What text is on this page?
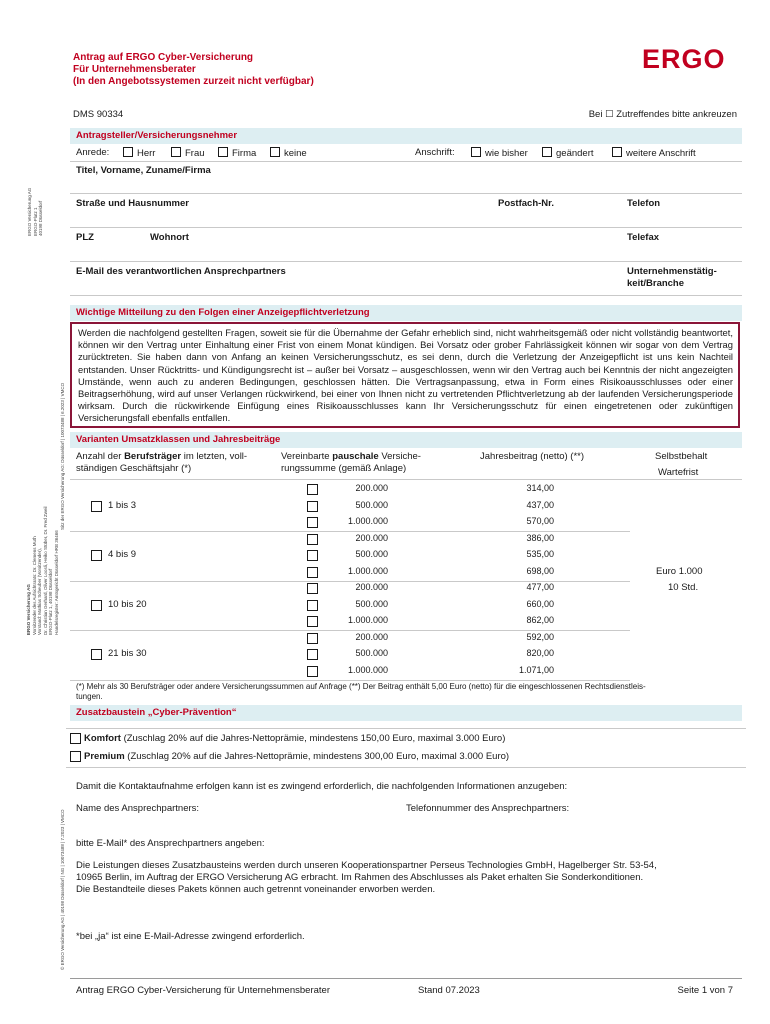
Antrag auf ERGO Cyber-Versicherung
Für Unternehmensberater
(In den Angebotssystemen zurzeit nicht verfügbar)
ERGO
DMS 90334	Bei ☐ Zutreffendes bitte ankreuzen
ERGO Versicherung AG ERGO-Platz 1 40198 Düsseldorf
ERGO Versicherung AG Vorsitzender des Aufsichtsrats: Dr. Clemens Muth Vorstand: Mathias Scheuber (Vorsitzender), Dr. Christian Gerhard, Oliver Loosli, Heiko Stüber, Dr. Fred Zweil ERGO-Platz 1, 40198 Düsseldorf Handelsregister: Amtsgericht Düsseldorf HRB 36466
Sitz der ERGO Versicherung AG: Düsseldorf | 10073488 | 6.2023 | VMCO
© ERGO Versicherung AG | 40198 Düsseldorf | NG | 10073488 | 7.2023 | VMCO
Antragsteller/Versicherungsnehmer
Anrede:	Herr	Frau	Firma	keine	Anschrift:	wie bisher	geändert	weitere Anschrift
Titel, Vorname, Zuname/Firma
Straße und Hausnummer	Postfach-Nr.	Telefon
PLZ	Wohnort	Telefax
E-Mail des verantwortlichen Ansprechpartners	Unternehmenstätig-
keit/Branche
Wichtige Mitteilung zu den Folgen einer Anzeigepflichtverletzung

Werden die nachfolgend gestellten Fragen, soweit sie für die Übernahme der Gefahr erheblich sind, nicht wahrheitsgemäß oder nicht vollständig beantwortet, können wir den Vertrag unter Einhaltung einer Frist von einem Monat kündigen. Bei Vorsatz oder grober Fahrlässigkeit können wir sogar von dem Vertrag zurücktreten. Sie haben dann von Anfang an keinen Versicherungsschutz, es sei denn, durch die Verletzung der Anzeigepflicht ist uns kein Nachteil entstanden. Unser Rücktritts- und Kündigungsrecht ist – außer bei Vorsatz – ausgeschlossen, wenn wir den Vertrag auch bei Kenntnis der nicht angezeigten Umstände, wenn auch zu anderen Bedingungen, geschlossen hätten. Die Vertragsanpassung, etwa in Form eines Risikoausschlusses oder einer Beitragserhöhung, wird auf unser Verlangen rückwirkend, bei einer von Ihnen nicht zu vertretenden Pflichtverletzung ab der laufenden Versicherungsperiode wirksam. Durch die rückwirkende Einfügung eines Risikoausschlusses kann Ihr Versicherungsschutz für einen eingetretenen oder zukünftigen Versicherungsfall ebenfalls entfallen.

Varianten Umsatzklassen und Jahresbeiträge
Anzahl der Berufsträger im letzten, voll-
ständigen Geschäftsjahr (*)
Vereinbarte pauschale Versiche-
rungssumme (gemäß Anlage)
Jahresbeitrag (netto) (**)	Selbstbehalt
Wartefrist
1 bis 3
200.000	314,00
500.000	437,00
1.000.000	570,00
4 bis 9
200.000	386,00
500.000	535,00
1.000.000	698,00
10 bis 20
200.000	477,00
500.000	660,00
1.000.000	862,00
21 bis 30
200.000	592,00
500.000	820,00
1.000.000	1.071,00
Euro 1.000
10 Std.
(*) Mehr als 30 Berufsträger oder andere Versicherungssummen auf Anfrage (**) Der Beitrag enthält 5,00 Euro (netto) für die eingeschlossenen Rechtsdienstleis-
tungen.
Zusatzbaustein „Cyber-Prävention“
Komfort (Zuschlag 20% auf die Jahres-Nettoprämie, mindestens 150,00 Euro, maximal 3.000 Euro)
Premium (Zuschlag 20% auf die Jahres-Nettoprämie, mindestens 300,00 Euro, maximal 3.000 Euro)
Damit die Kontaktaufnahme erfolgen kann ist es zwingend erforderlich, die nachfolgenden Informationen anzugeben:
Name des Ansprechpartners:	Telefonnummer des Ansprechpartners:
bitte E-Mail* des Ansprechpartners angeben:
Die Leistungen dieses Zusatzbausteins werden durch unseren Kooperationspartner Perseus Technologies GmbH, Hagelberger Str. 53-54,
10965 Berlin, im Auftrag der ERGO Versicherung AG erbracht. Im Rahmen des Abschlusses als Paket erhalten Sie Sonderkonditionen.
Die Bestandteile dieses Pakets können auch getrennt voneinander erworben werden.
*bei „ja“ ist eine E-Mail-Adresse zwingend erforderlich.
Antrag ERGO Cyber-Versicherung für Unternehmensberater	Stand 07.2023	Seite 1 von 7
